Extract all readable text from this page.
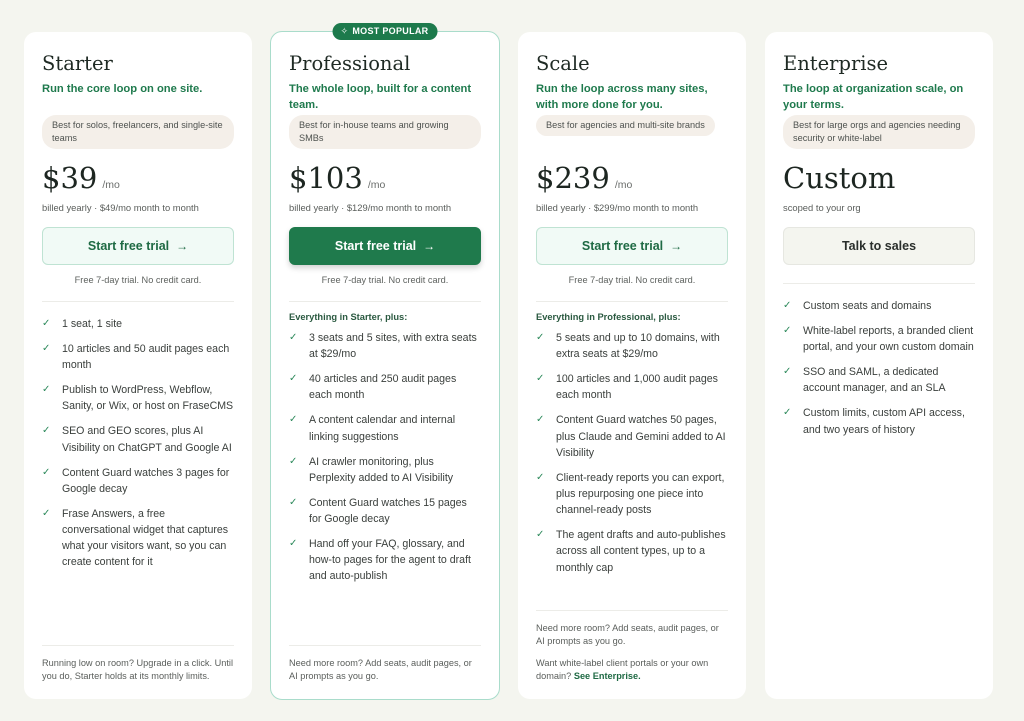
Starter
Run the core loop on one site.
Best for solos, freelancers, and single-site teams
$39 /mo
billed yearly · $49/mo month to month
Start free trial →
Free 7-day trial. No credit card.
✓	1 seat, 1 site
✓	10 articles and 50 audit pages each month
✓	Publish to WordPress, Webflow, Sanity, or Wix, or host on FraseCMS
✓	SEO and GEO scores, plus AI Visibility on ChatGPT and Google AI
✓	Content Guard watches 3 pages for Google decay
✓	Frase Answers, a free conversational widget that captures what your visitors want, so you can create content for it

Running low on room? Upgrade in a click. Until you do, Starter holds at its monthly limits.

✧ MOST POPULAR
Professional
The whole loop, built for a content team.
Best for in-house teams and growing SMBs
$103 /mo
billed yearly · $129/mo month to month
Start free trial →
Free 7-day trial. No credit card.
Everything in Starter, plus:
✓	3 seats and 5 sites, with extra seats at $29/mo
✓	40 articles and 250 audit pages each month
✓	A content calendar and internal linking suggestions
✓	AI crawler monitoring, plus Perplexity added to AI Visibility
✓	Content Guard watches 15 pages for Google decay
✓	Hand off your FAQ, glossary, and how-to pages for the agent to draft and auto-publish

Need more room? Add seats, audit pages, or AI prompts as you go.

Scale
Run the loop across many sites, with more done for you.
Best for agencies and multi-site brands
$239 /mo
billed yearly · $299/mo month to month
Start free trial →
Free 7-day trial. No credit card.
Everything in Professional, plus:
✓	5 seats and up to 10 domains, with extra seats at $29/mo
✓	100 articles and 1,000 audit pages each month
✓	Content Guard watches 50 pages, plus Claude and Gemini added to AI Visibility
✓	Client-ready reports you can export, plus repurposing one piece into channel-ready posts
✓	The agent drafts and auto-publishes across all content types, up to a monthly cap

Need more room? Add seats, audit pages, or AI prompts as you go.

Want white-label client portals or your own domain? See Enterprise.

Enterprise
The loop at organization scale, on your terms.
Best for large orgs and agencies needing security or white-label
Custom
scoped to your org
Talk to sales
✓	Custom seats and domains
✓	White-label reports, a branded client portal, and your own custom domain
✓	SSO and SAML, a dedicated account manager, and an SLA
✓	Custom limits, custom API access, and two years of history
